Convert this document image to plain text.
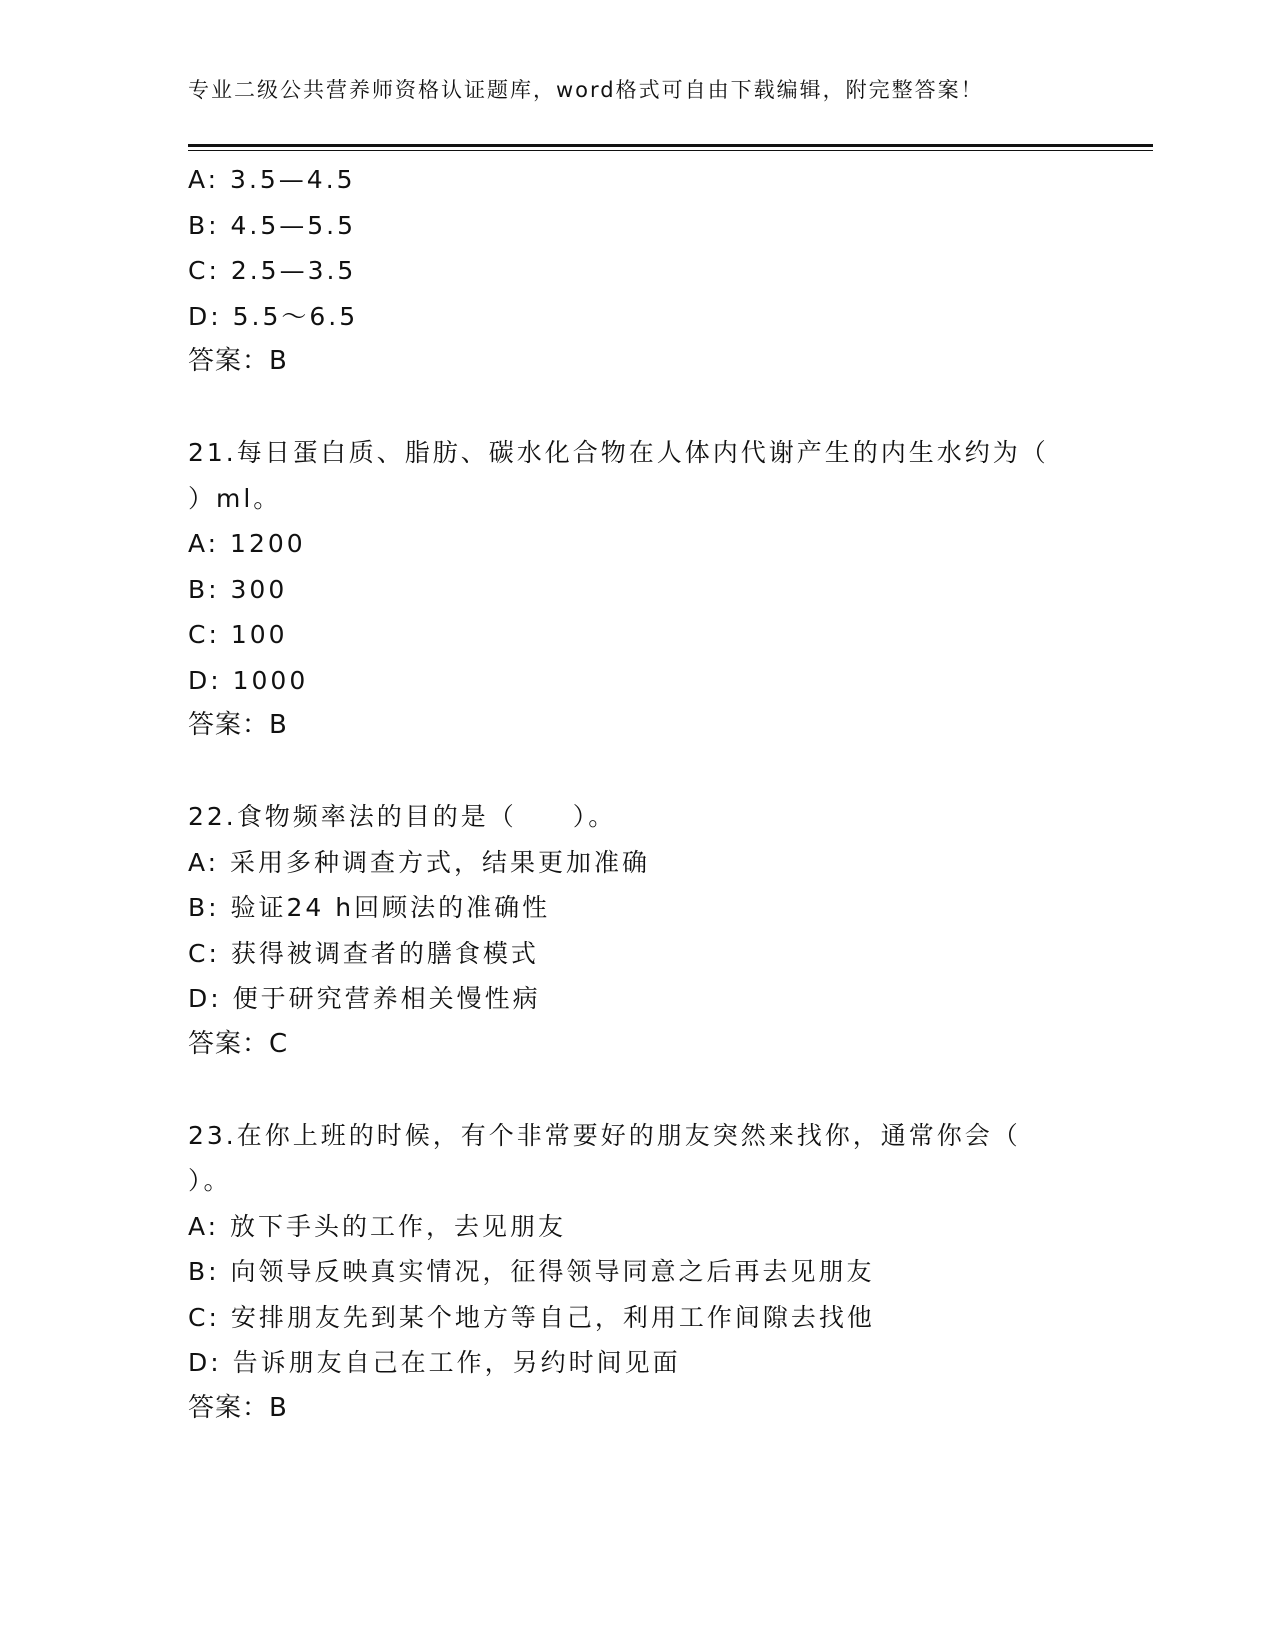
专业二级公共营养师资格认证题库，word格式可自由下载编辑，附完整答案！
A: 3.5—4.5
B: 4.5—5.5
C: 2.5—3.5
D: 5.5～6.5
答案：B
21.每日蛋白质、脂肪、碳水化合物在人体内代谢产生的内生水约为（
）ml。
A: 1200
B: 300
C: 100
D: 1000
答案：B
22.食物频率法的目的是（　　）。
A: 采用多种调查方式，结果更加准确
B: 验证24 h回顾法的准确性
C: 获得被调查者的膳食模式
D: 便于研究营养相关慢性病
答案：C
23.在你上班的时候，有个非常要好的朋友突然来找你，通常你会（
）。
A: 放下手头的工作，去见朋友
B: 向领导反映真实情况，征得领导同意之后再去见朋友
C: 安排朋友先到某个地方等自己，利用工作间隙去找他
D: 告诉朋友自己在工作，另约时间见面
答案：B
